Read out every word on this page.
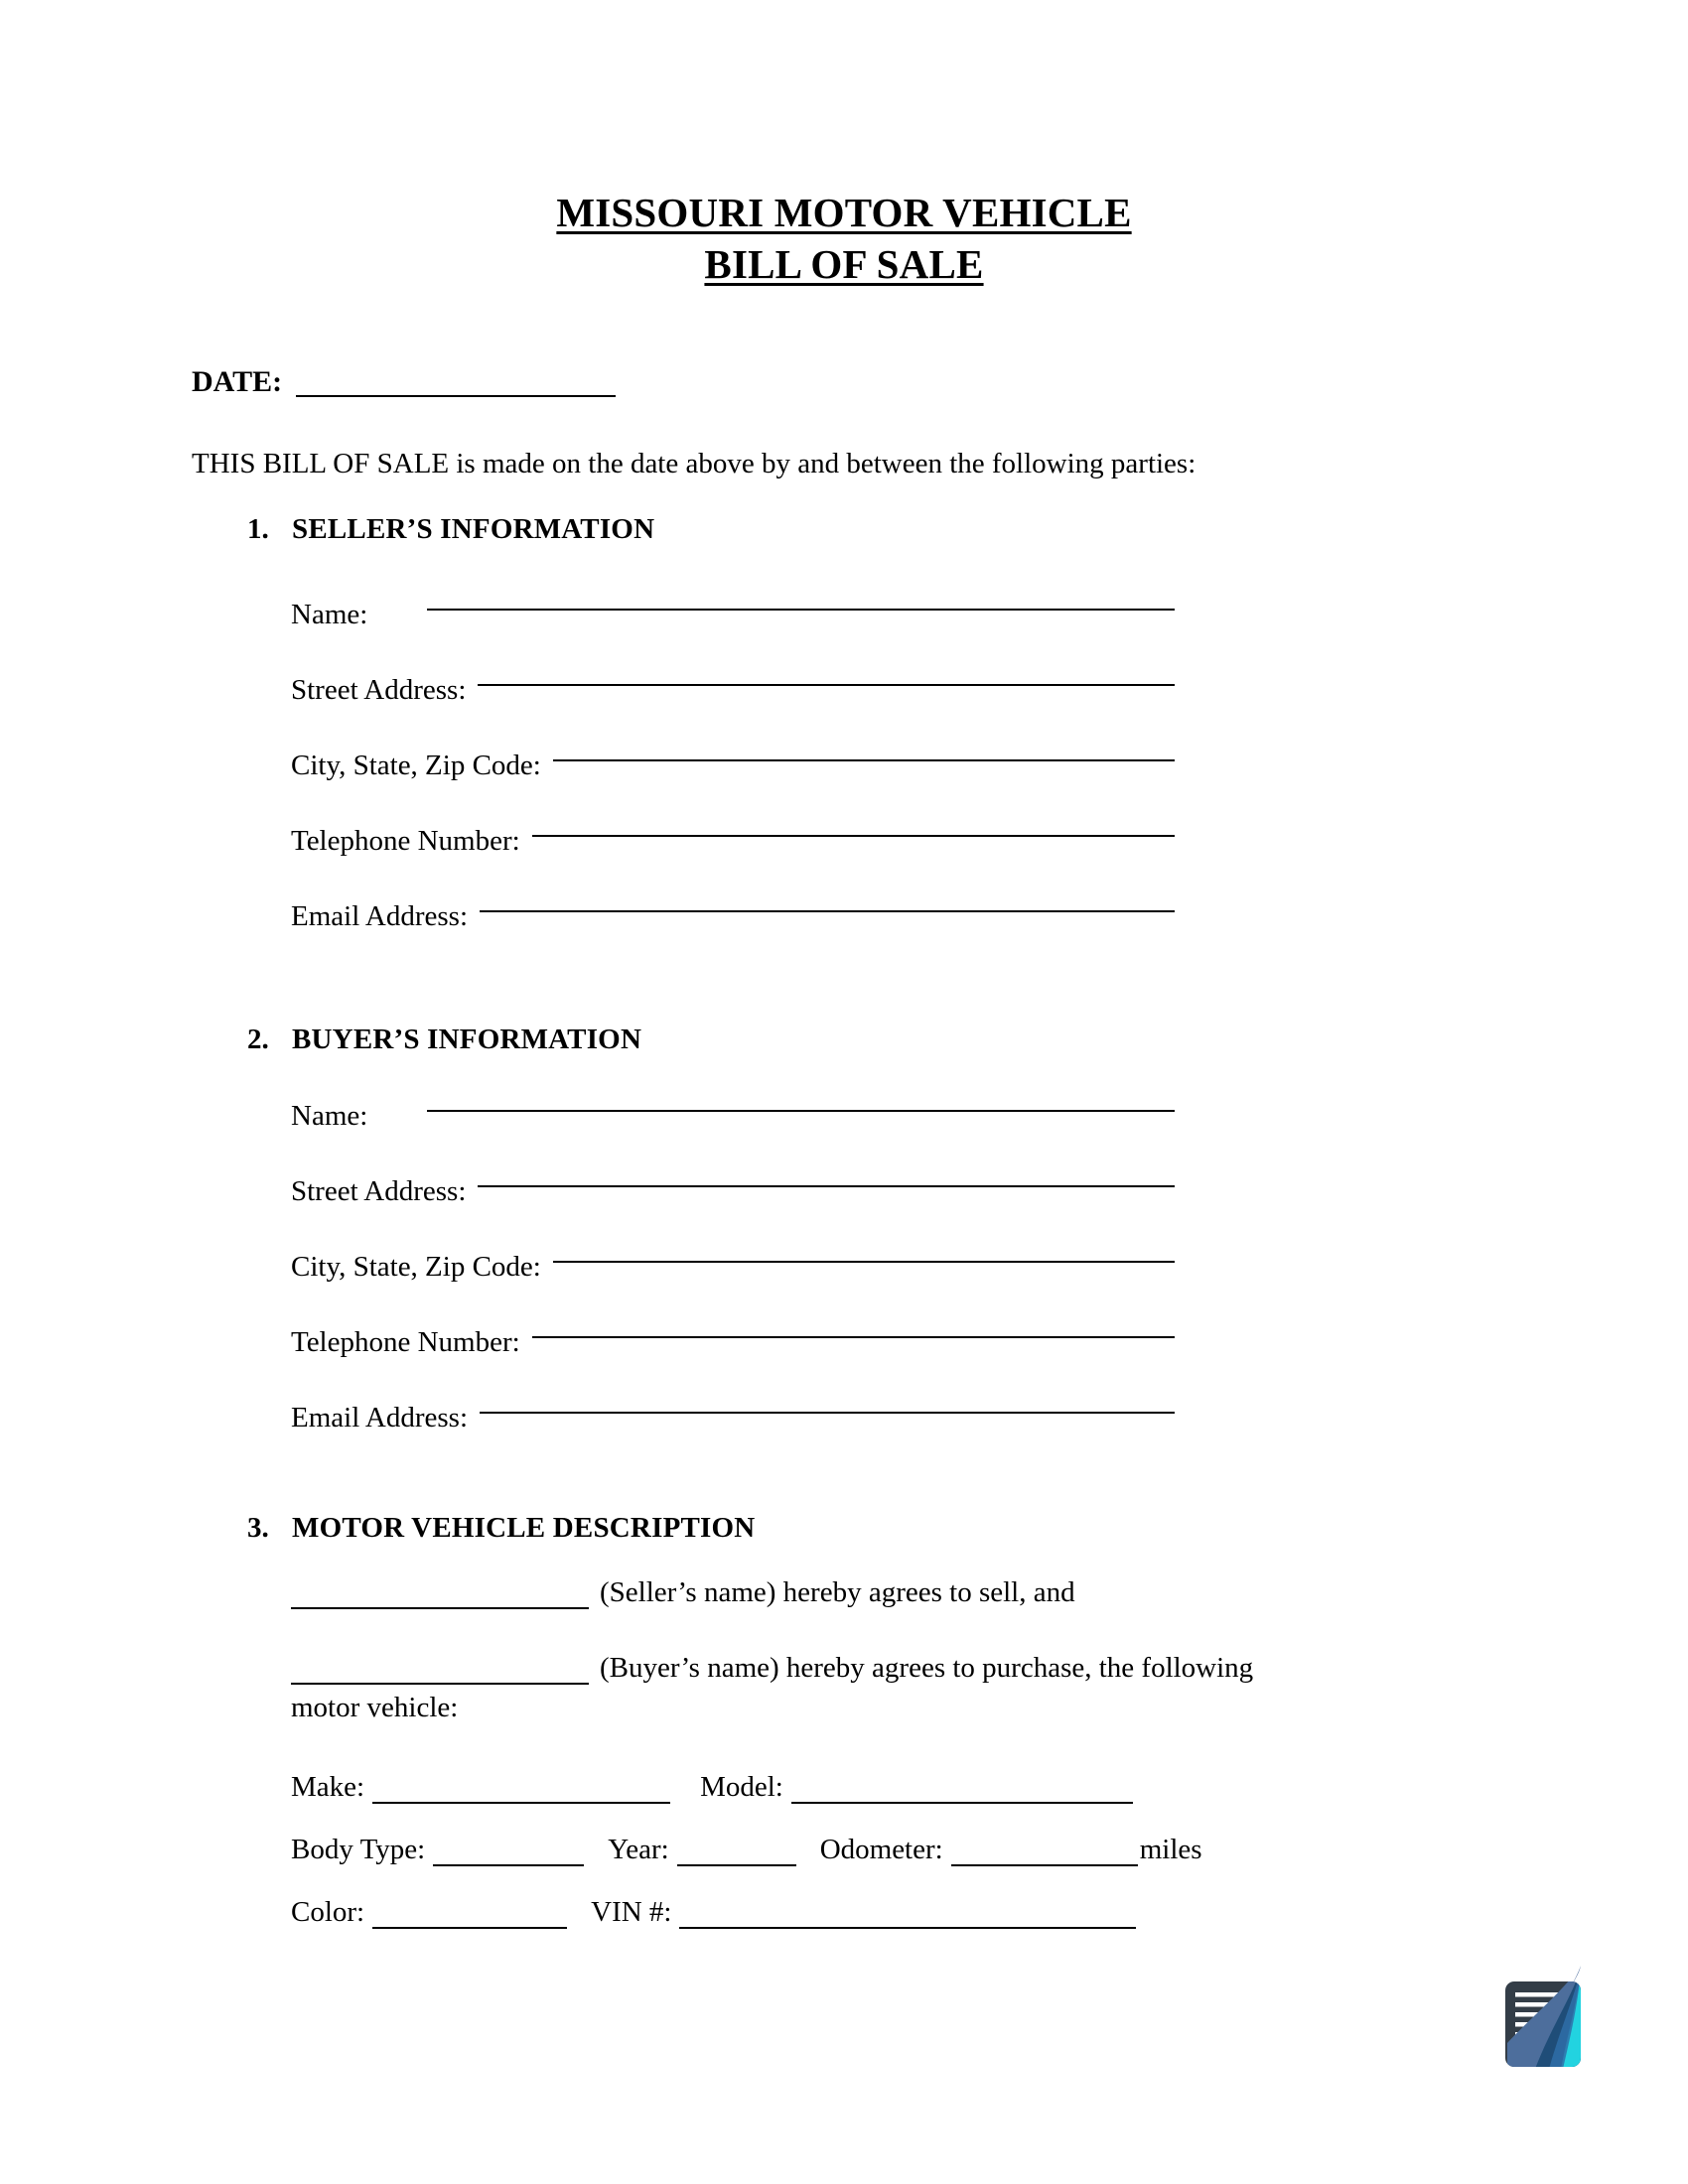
MISSOURI MOTOR VEHICLE
BILL OF SALE
DATE:
THIS BILL OF SALE is made on the date above by and between the following parties:
1. SELLER’S INFORMATION
Name:
Street Address:
City, State, Zip Code:
Telephone Number:
Email Address:
2. BUYER’S INFORMATION
Name:
Street Address:
City, State, Zip Code:
Telephone Number:
Email Address:
3. MOTOR VEHICLE DESCRIPTION
(Seller’s name) hereby agrees to sell, and
(Buyer’s name) hereby agrees to purchase, the following
motor vehicle:
Make:	Model:
Body Type:	Year:	Odometer:	miles
Color:	VIN #:
